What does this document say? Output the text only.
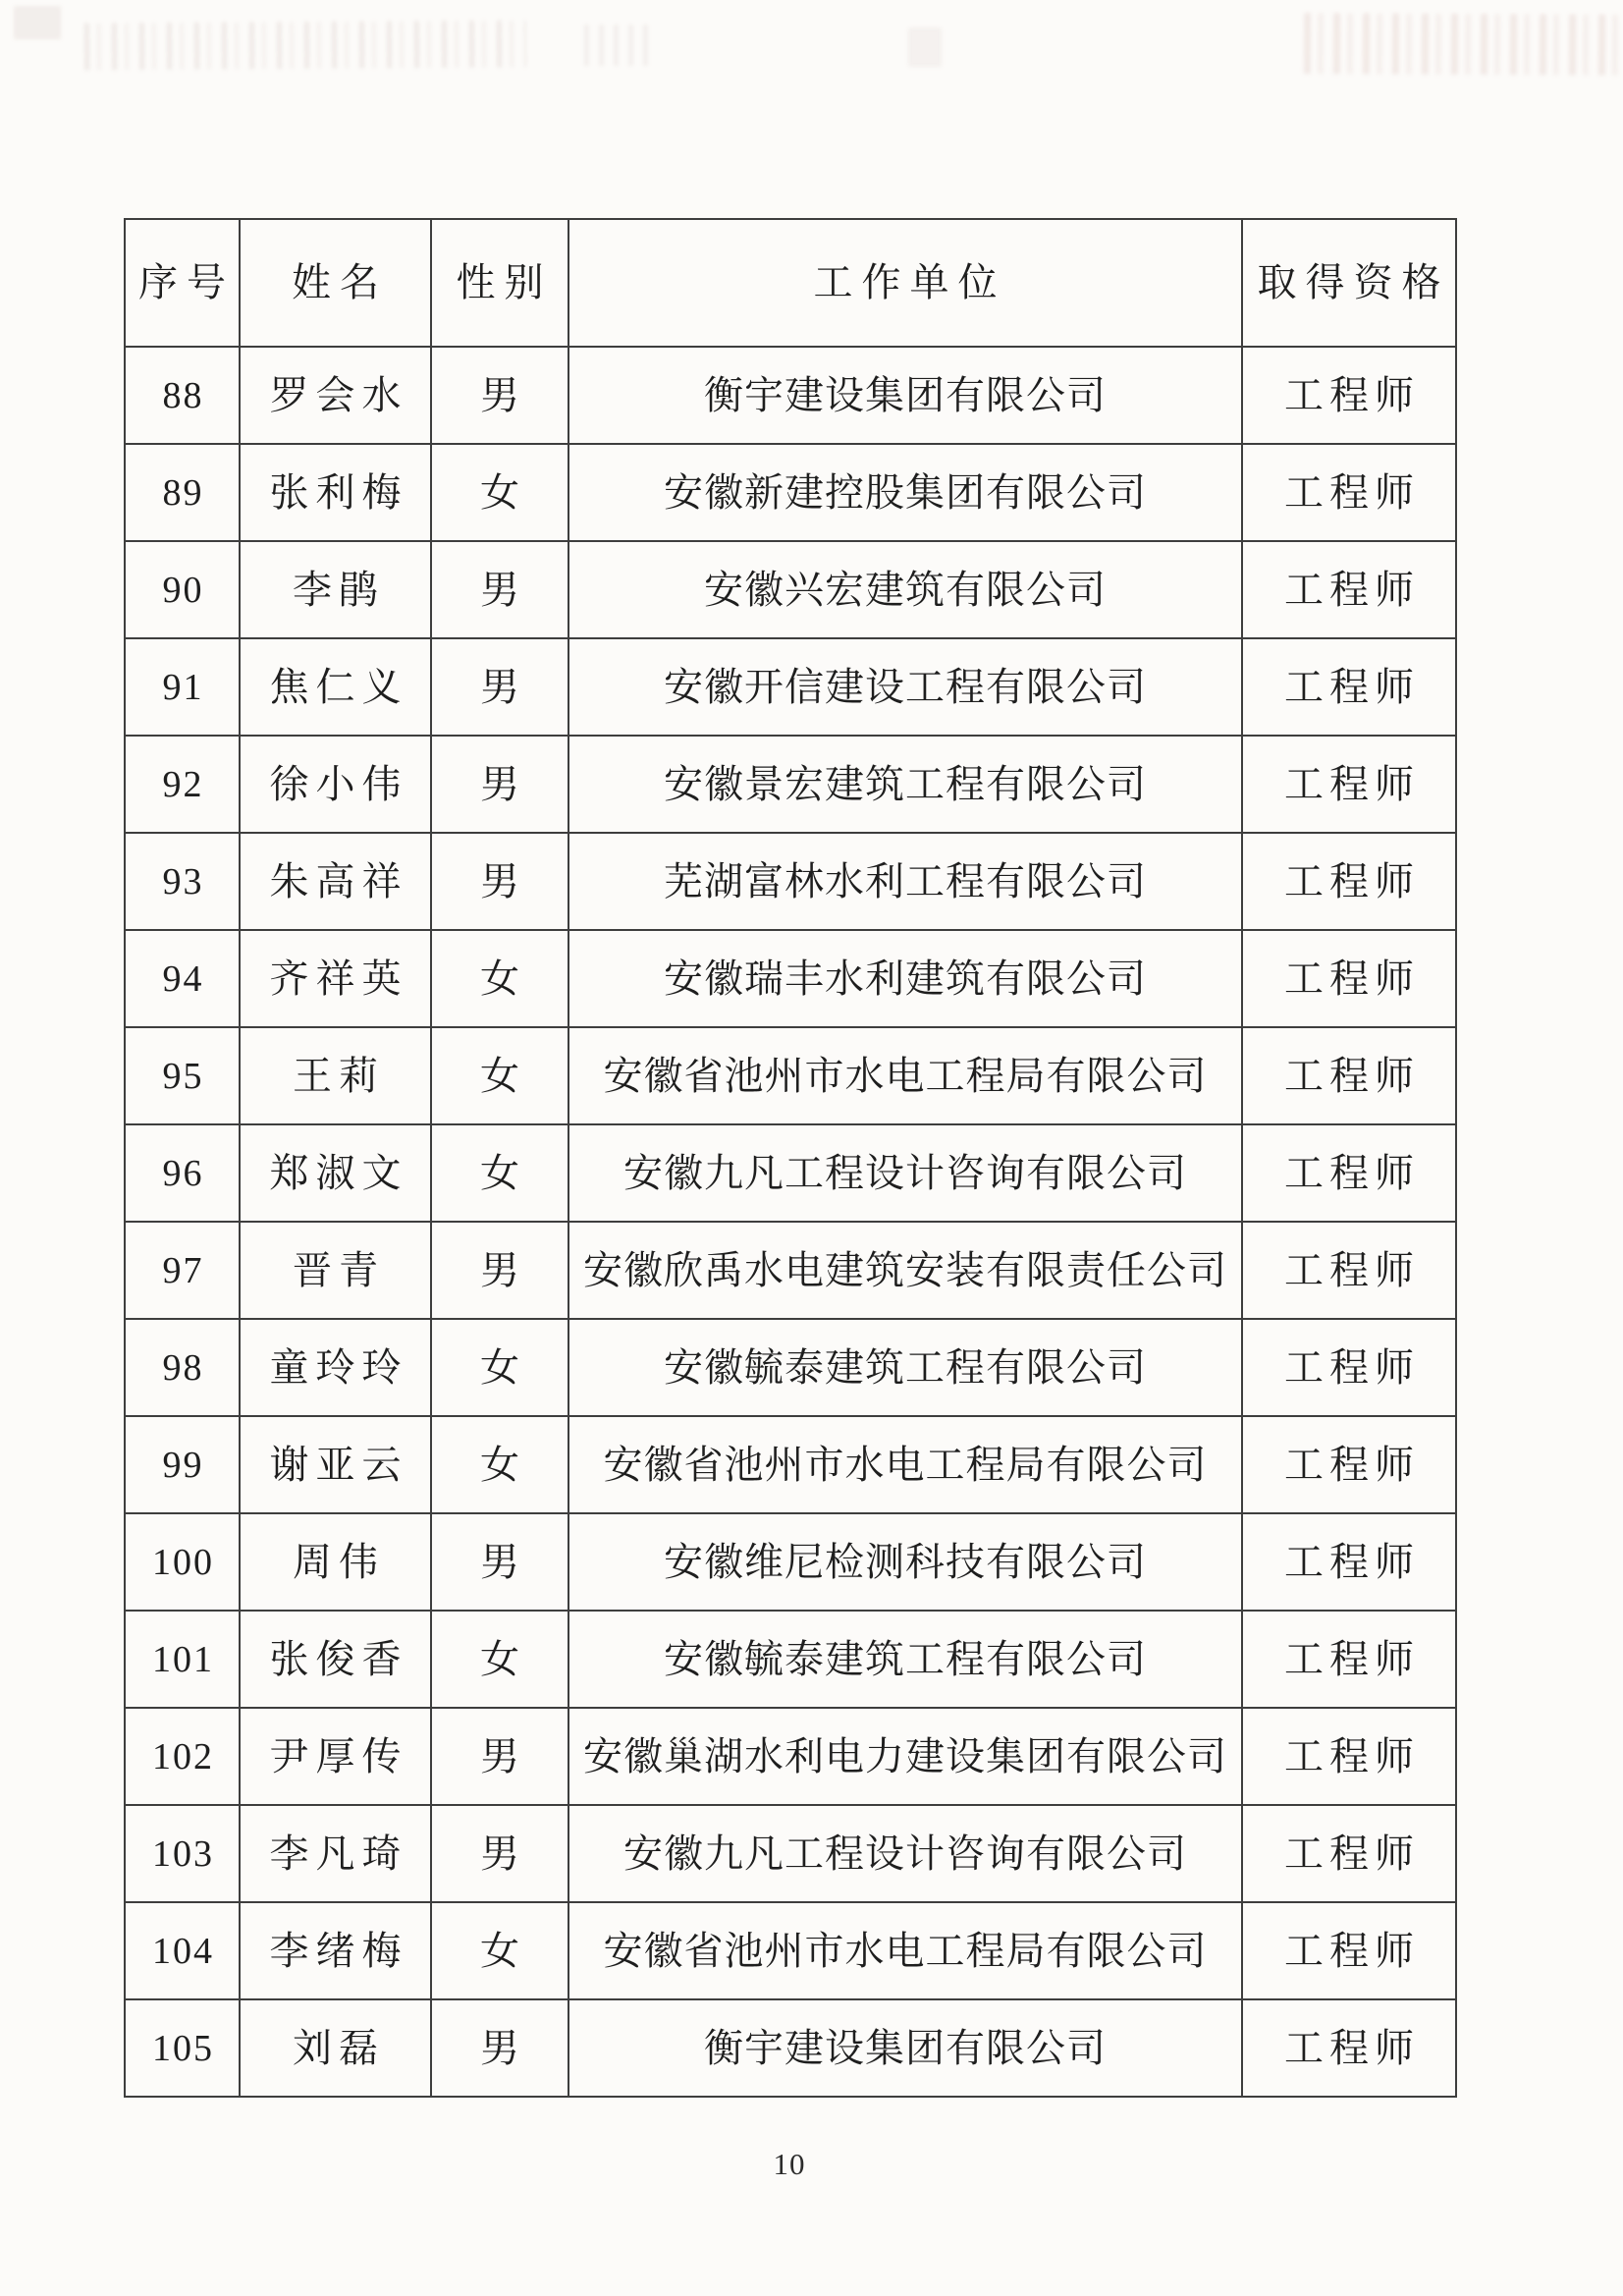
序号	姓名	性别	工作单位	取得资格
88	罗会水	男	衡宇建设集团有限公司	工程师
89	张利梅	女	安徽新建控股集团有限公司	工程师
90	李鹃	男	安徽兴宏建筑有限公司	工程师
91	焦仁义	男	安徽开信建设工程有限公司	工程师
92	徐小伟	男	安徽景宏建筑工程有限公司	工程师
93	朱高祥	男	芜湖富林水利工程有限公司	工程师
94	齐祥英	女	安徽瑞丰水利建筑有限公司	工程师
95	王莉	女	安徽省池州市水电工程局有限公司	工程师
96	郑淑文	女	安徽九凡工程设计咨询有限公司	工程师
97	晋青	男	安徽欣禹水电建筑安装有限责任公司	工程师
98	童玲玲	女	安徽毓泰建筑工程有限公司	工程师
99	谢亚云	女	安徽省池州市水电工程局有限公司	工程师
100	周伟	男	安徽维尼检测科技有限公司	工程师
101	张俊香	女	安徽毓泰建筑工程有限公司	工程师
102	尹厚传	男	安徽巢湖水利电力建设集团有限公司	工程师
103	李凡琦	男	安徽九凡工程设计咨询有限公司	工程师
104	李绪梅	女	安徽省池州市水电工程局有限公司	工程师
105	刘磊	男	衡宇建设集团有限公司	工程师
10
